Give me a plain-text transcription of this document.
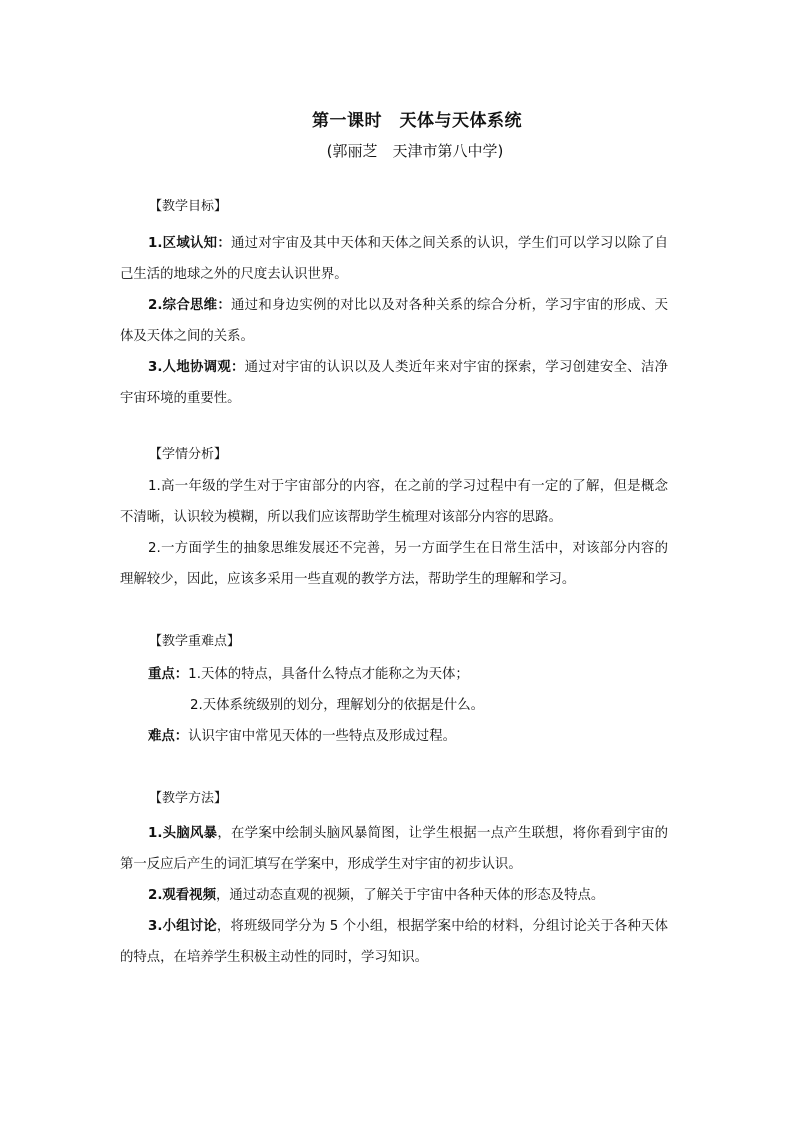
第一课时　天体与天体系统
(郭丽芝　天津市第八中学)
【教学目标】

1.区域认知：通过对宇宙及其中天体和天体之间关系的认识，学生们可以学习以除了自己生活的地球之外的尺度去认识世界。

2.综合思维：通过和身边实例的对比以及对各种关系的综合分析，学习宇宙的形成、天体及天体之间的关系。

3.人地协调观：通过对宇宙的认识以及人类近年来对宇宙的探索，学习创建安全、洁净宇宙环境的重要性。

【学情分析】

1.高一年级的学生对于宇宙部分的内容，在之前的学习过程中有一定的了解，但是概念不清晰，认识较为模糊，所以我们应该帮助学生梳理对该部分内容的思路。

2.一方面学生的抽象思维发展还不完善，另一方面学生在日常生活中，对该部分内容的理解较少，因此，应该多采用一些直观的教学方法，帮助学生的理解和学习。

【教学重难点】
重点：1.天体的特点，具备什么特点才能称之为天体；
2.天体系统级别的划分，理解划分的依据是什么。
难点：认识宇宙中常见天体的一些特点及形成过程。
【教学方法】

1.头脑风暴，在学案中绘制头脑风暴简图，让学生根据一点产生联想，将你看到宇宙的第一反应后产生的词汇填写在学案中，形成学生对宇宙的初步认识。

2.观看视频，通过动态直观的视频，了解关于宇宙中各种天体的形态及特点。

3.小组讨论，将班级同学分为 5 个小组，根据学案中给的材料，分组讨论关于各种天体的特点，在培养学生积极主动性的同时，学习知识。
